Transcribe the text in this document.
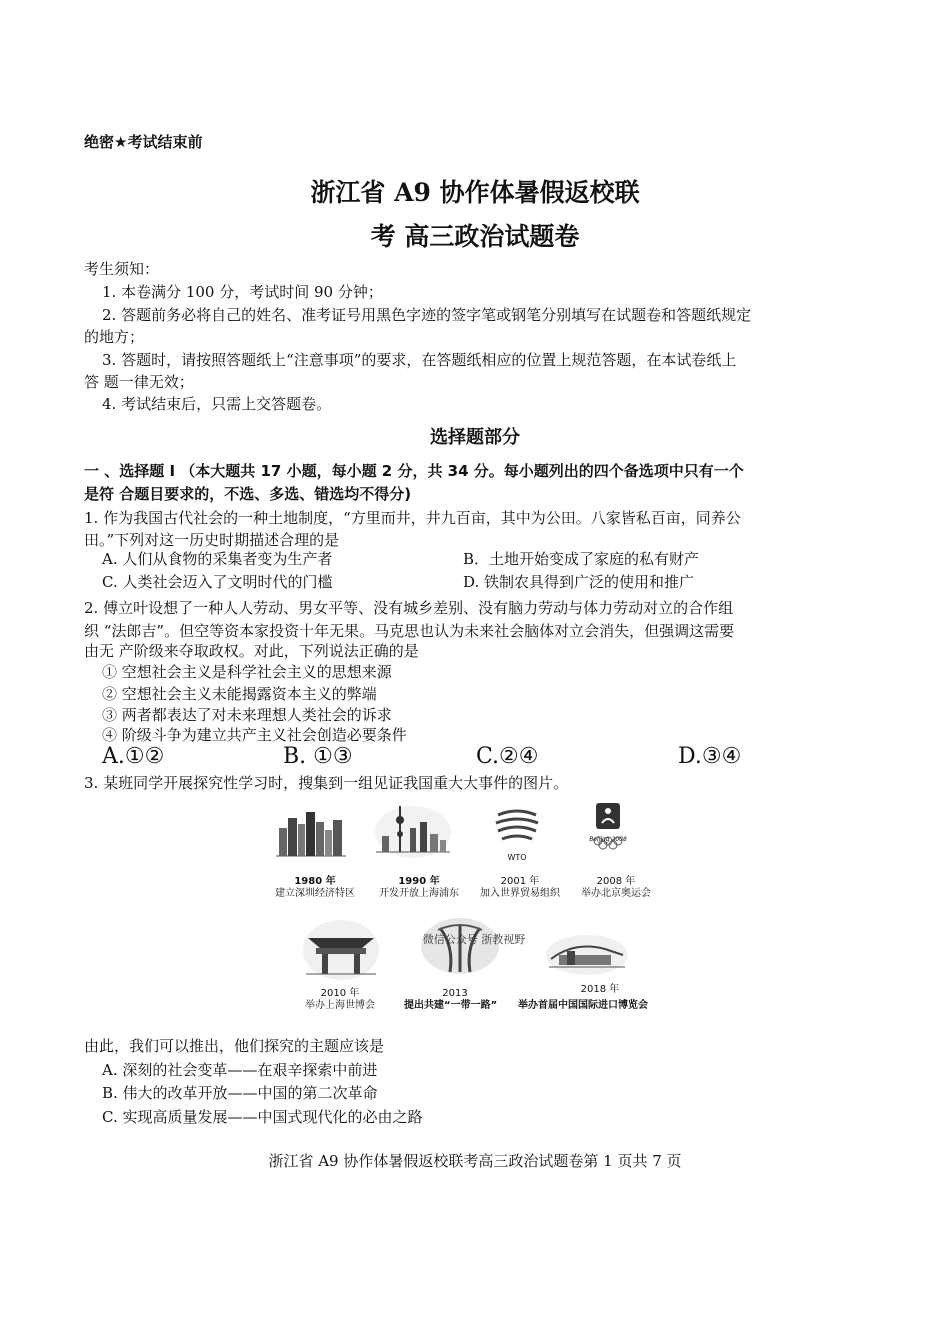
绝密★考试结束前
浙江省 A9 协作体暑假返校联
考 高三政治试题卷
考生须知：
1. 本卷满分 100 分，考试时间 90 分钟；
2. 答题前务必将自己的姓名、准考证号用黑色字迹的签字笔或钢笔分别填写在试题卷和答题纸规定
的地方；
3. 答题时，请按照答题纸上“注意事项”的要求，在答题纸相应的位置上规范答题，在本试卷纸上
答 题一律无效；
4. 考试结束后，只需上交答题卷。
选择题部分
一 、选择题 I （本大题共 17 小题，每小题 2 分，共 34 分。每小题列出的四个备选项中只有一个
是符 合题目要求的，不选、多选、错选均不得分)
1. 作为我国古代社会的一种土地制度，“方里而井，井九百亩，其中为公田。八家皆私百亩，同养公
田。”下列对这一历史时期描述合理的是
A. 人们从食物的采集者变为生产者	B．土地开始变成了家庭的私有财产
C. 人类社会迈入了文明时代的门槛	D. 铁制农具得到广泛的使用和推广
2. 傅立叶设想了一种人人劳动、男女平等、没有城乡差别、没有脑力劳动与体力劳动对立的合作组
织 “法郎吉”。但空等资本家投资十年无果。马克思也认为未来社会脑体对立会消失，但强调这需要
由无 产阶级来夺取政权。对此，下列说法正确的是
① 空想社会主义是科学社会主义的思想来源
② 空想社会主义未能揭露资本主义的弊端
③ 两者都表达了对未来理想人类社会的诉求
④ 阶级斗争为建立共产主义社会创造必要条件
A.①②	B. ①③	C.②④	D.③④
3. 某班同学开展探究性学习时，搜集到一组见证我国重大大事件的图片。
WTO
Beijing 2008
1980 年
建立深圳经济特区
1990 年
开发开放上海浦东
2001 年
加入世界贸易组织
2008 年
举办北京奥运会
微信公众号 浙教视野
2010 年
举办上海世博会
2013	2018 年
提出共建“一带一路”	举办首届中国国际进口博览会
由此，我们可以推出，他们探究的主题应该是
A. 深刻的社会变革——在艰辛探索中前进
B. 伟大的改革开放——中国的第二次革命
C. 实现高质量发展——中国式现代化的必由之路
浙江省 A9 协作体暑假返校联考高三政治试题卷第 1 页共 7 页
